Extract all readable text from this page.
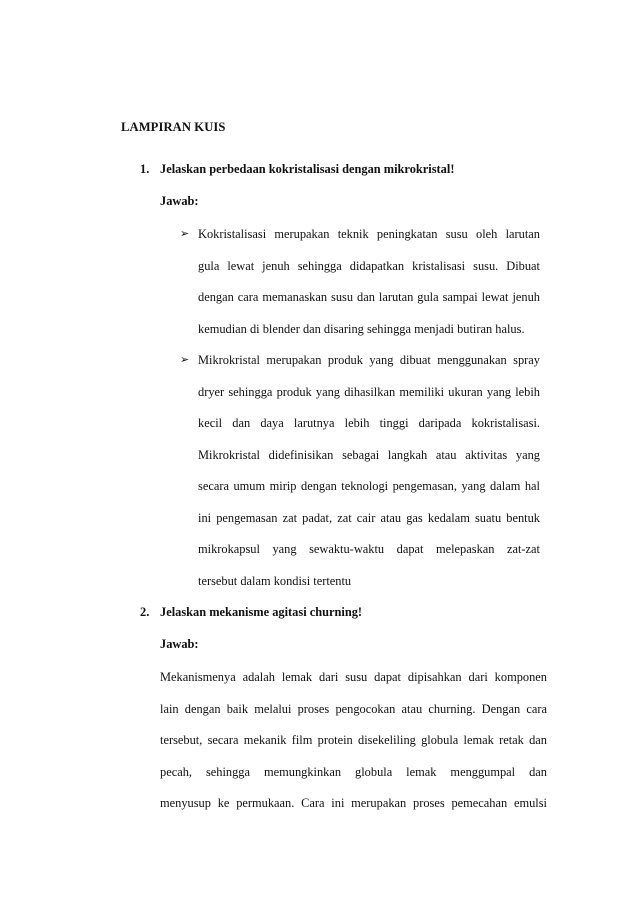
LAMPIRAN KUIS
1. Jelaskan perbedaan kokristalisasi dengan mikrokristal!
Jawab:
➢ Kokristalisasi merupakan teknik peningkatan susu oleh larutan
gula lewat jenuh sehingga didapatkan kristalisasi susu. Dibuat
dengan cara memanaskan susu dan larutan gula sampai lewat jenuh
kemudian di blender dan disaring sehingga menjadi butiran halus.
➢ Mikrokristal merupakan produk yang dibuat menggunakan spray
dryer sehingga produk yang dihasilkan memiliki ukuran yang lebih
kecil dan daya larutnya lebih tinggi daripada kokristalisasi.
Mikrokristal didefinisikan sebagai langkah atau aktivitas yang
secara umum mirip dengan teknologi pengemasan, yang dalam hal
ini pengemasan zat padat, zat cair atau gas kedalam suatu bentuk
mikrokapsul yang sewaktu-waktu dapat melepaskan zat-zat
tersebut dalam kondisi tertentu
2. Jelaskan mekanisme agitasi churning!
Jawab:
Mekanismenya adalah lemak dari susu dapat dipisahkan dari komponen
lain dengan baik melalui proses pengocokan atau churning. Dengan cara
tersebut, secara mekanik film protein disekeliling globula lemak retak dan
pecah, sehingga memungkinkan globula lemak menggumpal dan
menyusup ke permukaan. Cara ini merupakan proses pemecahan emulsi
